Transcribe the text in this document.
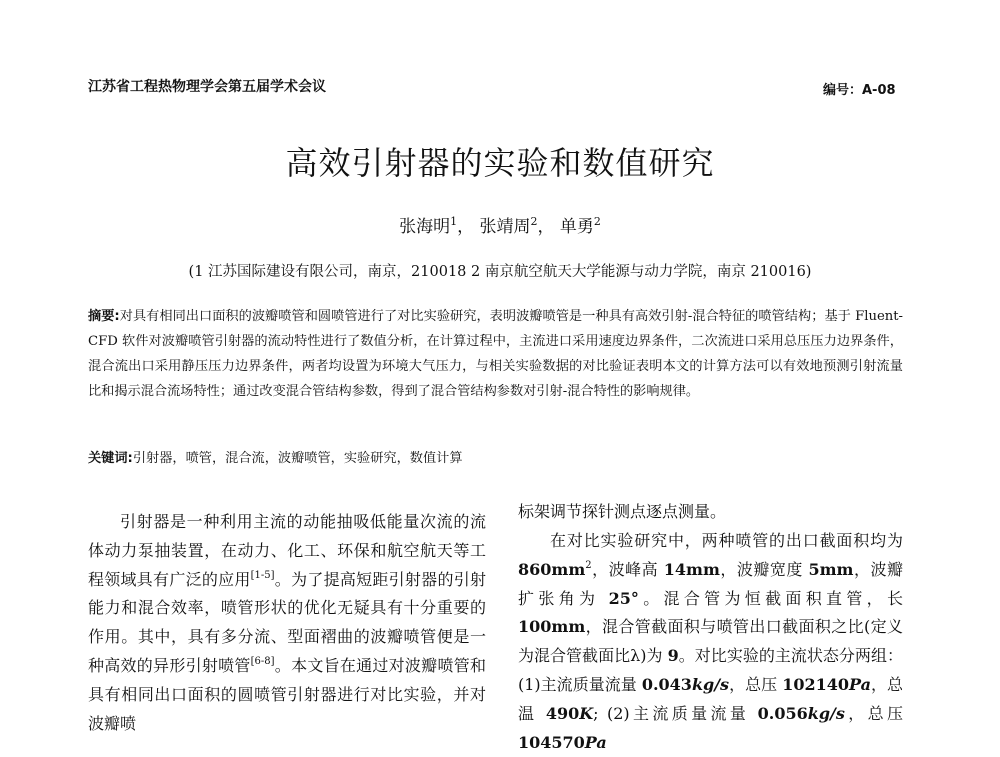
江苏省工程热物理学会第五届学术会议	编号：A-08
高效引射器的实验和数值研究
张海明$^1$， 张靖周$^2$， 单勇$^2$
(1 江苏国际建设有限公司，南京，210018 2 南京航空航天大学能源与动力学院，南京 210016)
摘要:对具有相同出口面积的波瓣喷管和圆喷管进行了对比实验研究，表明波瓣喷管是一种具有高效引射-混合特征的喷管结构；基于 Fluent-CFD 软件对波瓣喷管引射器的流动特性进行了数值分析，在计算过程中，主流进口采用速度边界条件，二次流进口采用总压压力边界条件，混合流出口采用静压压力边界条件，两者均设置为环境大气压力，与相关实验数据的对比验证表明本文的计算方法可以有效地预测引射流量比和揭示混合流场特性；通过改变混合管结构参数，得到了混合管结构参数对引射-混合特性的影响规律。
关键词:引射器，喷管，混合流，波瓣喷管，实验研究，数值计算
引射器是一种利用主流的动能抽吸低能量次流的流体动力泵抽装置，在动力、化工、环保和航空航天等工程领域具有广泛的应用[1-5]。为了提高短距引射器的引射能力和混合效率，喷管形状的优化无疑具有十分重要的作用。其中，具有多分流、型面褶曲的波瓣喷管便是一种高效的异形引射喷管[6-8]。本文旨在通过对波瓣喷管和具有相同出口面积的圆喷管引射器进行对比实验，并对波瓣喷
标架调节探针测点逐点测量。
在对比实验研究中，两种喷管的出口截面积均为 $860mm^2$，波峰高 14mm，波瓣宽度 5mm，波瓣扩张角为 25°。混合管为恒截面积直管，长 100mm，混合管截面积与喷管出口截面积之比(定义为混合管截面比λ)为 9。对比实验的主流状态分两组：(1)主流质量流量 0.043kg/s，总压 102140Pa，总温 490K; (2)主流质量流量 0.056kg/s，总压 104570Pa
